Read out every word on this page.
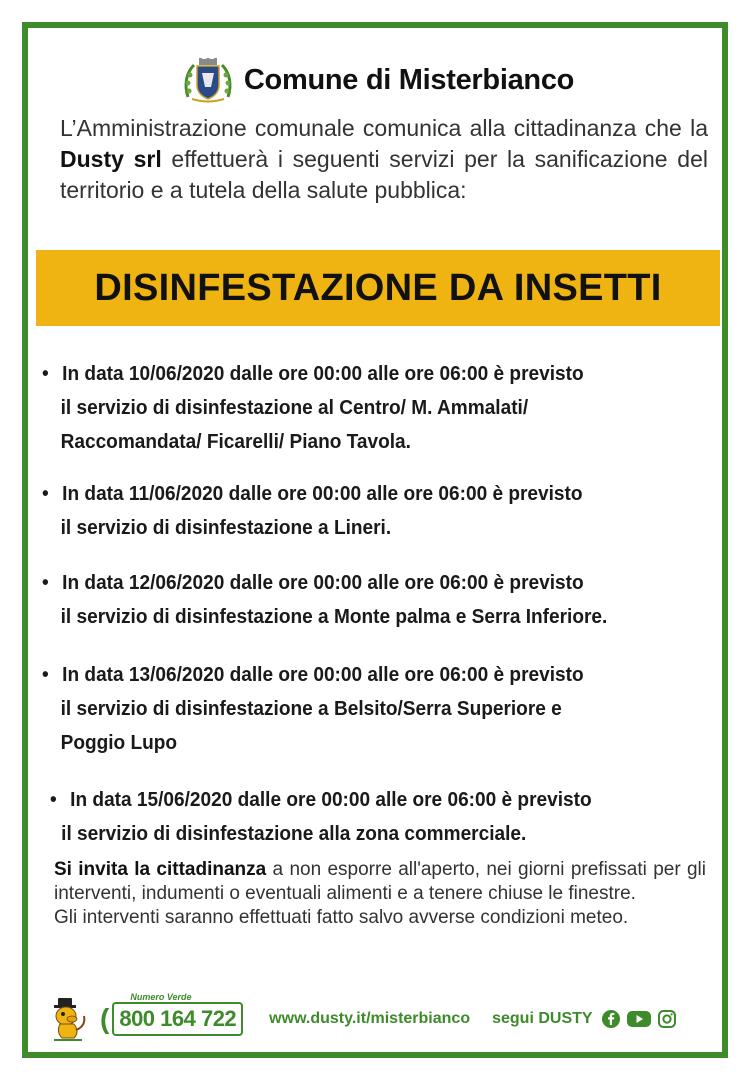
Comune di Misterbianco
L’Amministrazione comunale comunica alla cittadinanza che la Dusty srl effettuerà i seguenti servizi per la sanificazione del territorio e a tutela della salute pubblica:
DISINFESTAZIONE DA INSETTI
• In data 10/06/2020 dalle ore 00:00 alle ore 06:00 è previsto
il servizio di disinfestazione al Centro/ M. Ammalati/
Raccomandata/ Ficarelli/ Piano Tavola.
• In data 11/06/2020 dalle ore 00:00 alle ore 06:00 è previsto
il servizio di disinfestazione a Lineri.
• In data 12/06/2020 dalle ore 00:00 alle ore 06:00 è previsto
il servizio di disinfestazione a Monte palma e Serra Inferiore.
• In data 13/06/2020 dalle ore 00:00 alle ore 06:00 è previsto
il servizio di disinfestazione a Belsito/Serra Superiore e
Poggio Lupo
• In data 15/06/2020 dalle ore 00:00 alle ore 06:00 è previsto
il servizio di disinfestazione alla zona commerciale.
Si invita la cittadinanza a non esporre all'aperto, nei giorni prefissati per gli interventi, indumenti o eventuali alimenti e a tenere chiuse le finestre.
Gli interventi saranno effettuati fatto salvo avverse condizioni meteo.
(
Numero Verde
800 164 722	www.dusty.it/misterbianco segui DUSTY
